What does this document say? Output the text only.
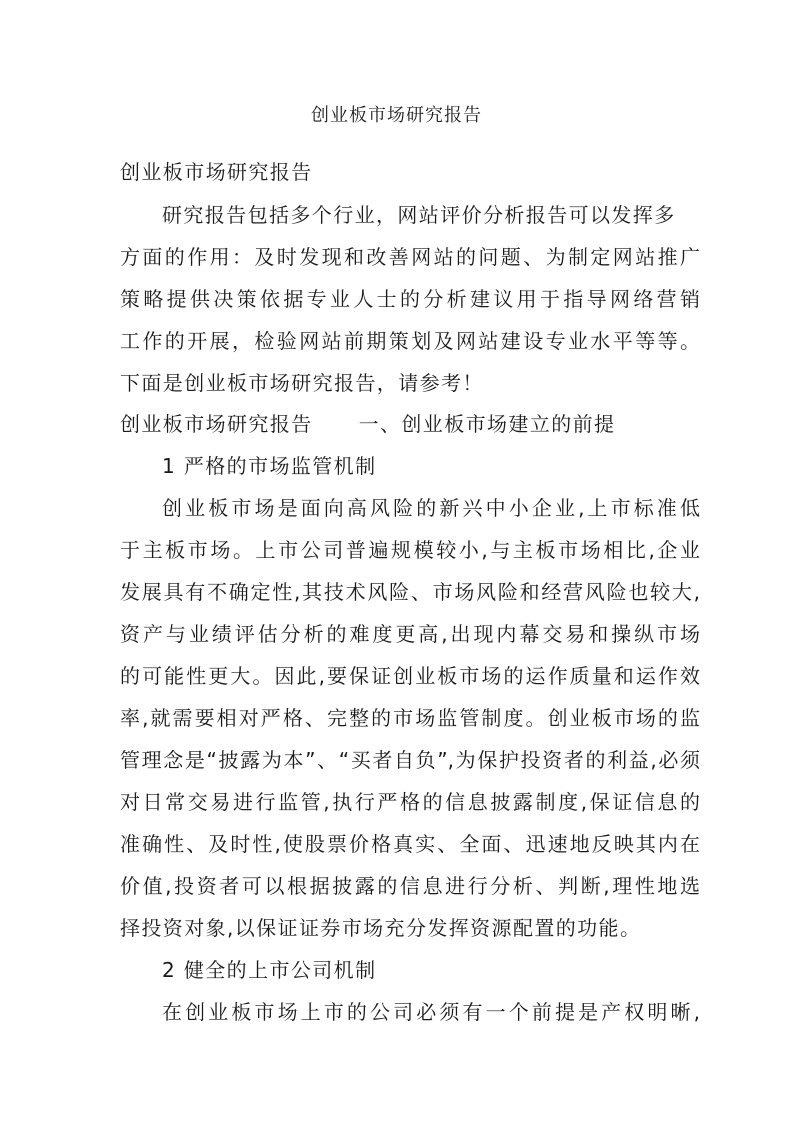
创业板市场研究报告
创业板市场研究报告
研究报告包括多个行业，网站评价分析报告可以发挥多
方面的作用：及时发现和改善网站的问题、为制定网站推广
策略提供决策依据专业人士的分析建议用于指导网络营销
工作的开展，检验网站前期策划及网站建设专业水平等等。
下面是创业板市场研究报告，请参考！
创业板市场研究报告 一、创业板市场建立的前提
1 严格的市场监管机制
创业板市场是面向高风险的新兴中小企业,上市标准低
于主板市场。上市公司普遍规模较小,与主板市场相比,企业
发展具有不确定性,其技术风险、市场风险和经营风险也较大,
资产与业绩评估分析的难度更高,出现内幕交易和操纵市场
的可能性更大。因此,要保证创业板市场的运作质量和运作效
率,就需要相对严格、完整的市场监管制度。创业板市场的监
管理念是“披露为本”、“买者自负”,为保护投资者的利益,必须
对日常交易进行监管,执行严格的信息披露制度,保证信息的
准确性、及时性,使股票价格真实、全面、迅速地反映其内在
价值,投资者可以根据披露的信息进行分析、判断,理性地选
择投资对象,以保证证券市场充分发挥资源配置的功能。
2 健全的上市公司机制
在创业板市场上市的公司必须有一个前提是产权明晰,
